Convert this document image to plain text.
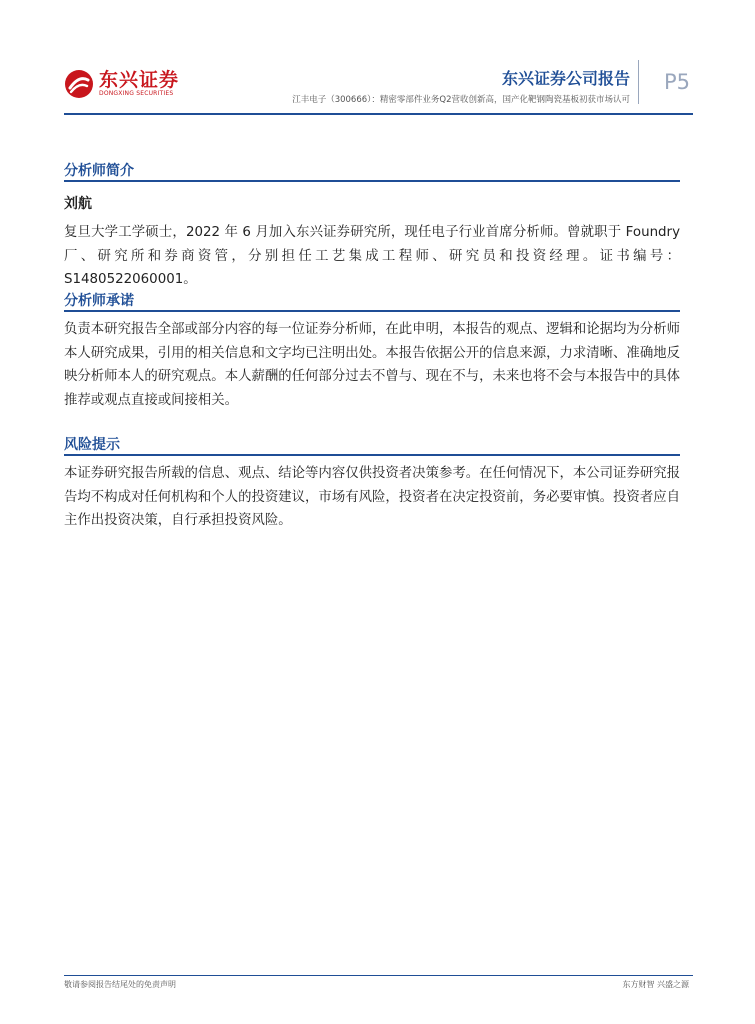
东兴证券
DONGXING SECURITIES
东兴证券公司报告
江丰电子（300666）：精密零部件业务Q2营收创新高，国产化靶钢陶瓷基板初获市场认可
P5
分析师简介
刘航
复旦大学工学硕士，2022 年 6 月加入东兴证券研究所，现任电子行业首席分析师。曾就职于 Foundry 厂、研究所和券商资管，分别担任工艺集成工程师、研究员和投资经理。证书编号：S1480522060001。
分析师承诺
负责本研究报告全部或部分内容的每一位证券分析师，在此申明，本报告的观点、逻辑和论据均为分析师本人研究成果，引用的相关信息和文字均已注明出处。本报告依据公开的信息来源，力求清晰、准确地反映分析师本人的研究观点。本人薪酬的任何部分过去不曾与、现在不与，未来也将不会与本报告中的具体推荐或观点直接或间接相关。
风险提示
本证券研究报告所载的信息、观点、结论等内容仅供投资者决策参考。在任何情况下，本公司证券研究报告均不构成对任何机构和个人的投资建议，市场有风险，投资者在决定投资前，务必要审慎。投资者应自主作出投资决策，自行承担投资风险。
敬请参阅报告结尾处的免责声明	东方财智 兴盛之源
